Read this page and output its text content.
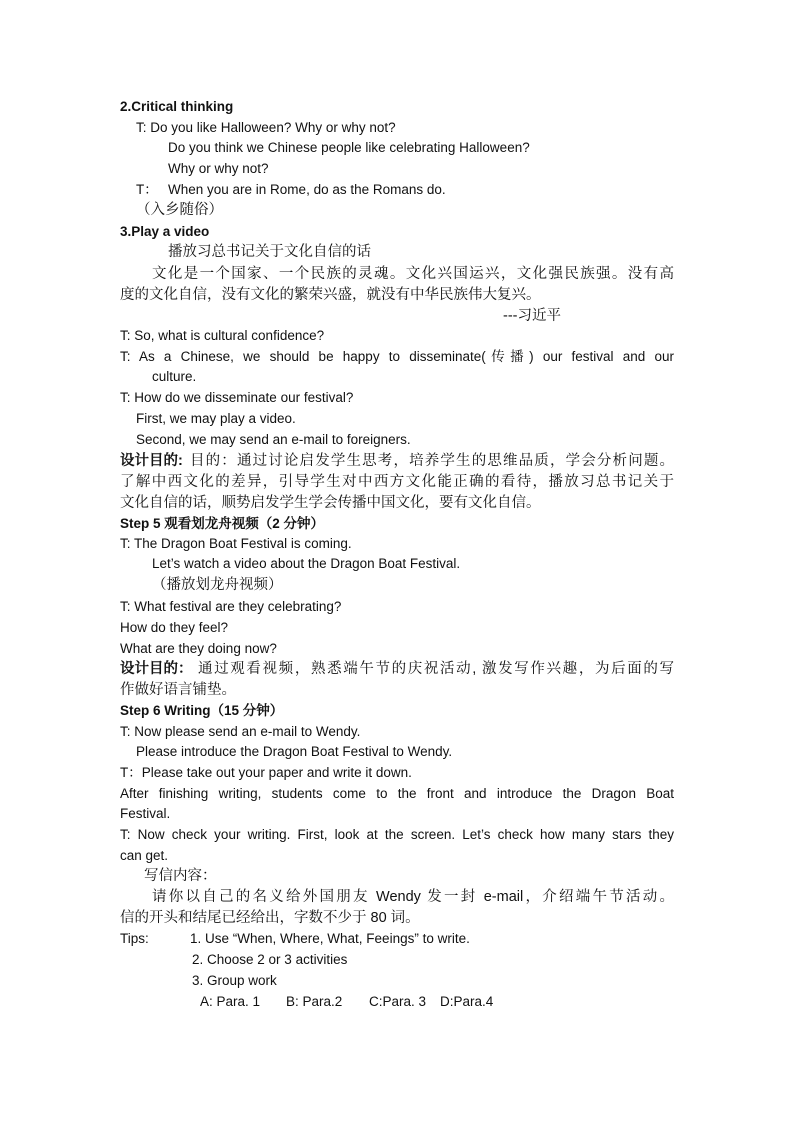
2.Critical thinking
T: Do you like Halloween? Why or why not?
Do you think we Chinese people like celebrating Halloween?
Why or why not?
T： When you are in Rome, do as the Romans do.
（入乡随俗）
3.Play a video
播放习总书记关于文化自信的话
文化是一个国家、一个民族的灵魂。文化兴国运兴，文化强民族强。没有高
度的文化自信，没有文化的繁荣兴盛，就没有中华民族伟大复兴。
---习近平
T: So, what is cultural confidence?
T: As a Chinese, we should be happy to disseminate(传播) our festival and our
culture.
T: How do we disseminate our festival?
First, we may play a video.
Second, we may send an e-mail to foreigners.
设计目的: 目的：通过讨论启发学生思考，培养学生的思维品质，学会分析问题。
了解中西文化的差异，引导学生对中西方文化能正确的看待，播放习总书记关于
文化自信的话，顺势启发学生学会传播中国文化，要有文化自信。
Step 5 观看划龙舟视频（2 分钟）
T: The Dragon Boat Festival is coming.
Let’s watch a video about the Dragon Boat Festival.
（播放划龙舟视频）
T: What festival are they celebrating?
How do they feel?
What are they doing now?
设计目的： 通过观看视频，熟悉端午节的庆祝活动, 激发写作兴趣，为后面的写
作做好语言铺垫。
Step 6 Writing（15 分钟）
T: Now please send an e-mail to Wendy.
Please introduce the Dragon Boat Festival to Wendy.
T：Please take out your paper and write it down.
After finishing writing, students come to the front and introduce the Dragon Boat
Festival.
T: Now check your writing. First, look at the screen. Let’s check how many stars they
can get.
写信内容：
请你以自己的名义给外国朋友 Wendy 发一封 e-mail，介绍端午节活动。
信的开头和结尾已经给出，字数不少于 80 词。
Tips:	1. Use “When, Where, What, Feeings” to write.
2. Choose 2 or 3 activities
3. Group work
A: Para. 1 B: Para.2 C:Para. 3 D:Para.4
